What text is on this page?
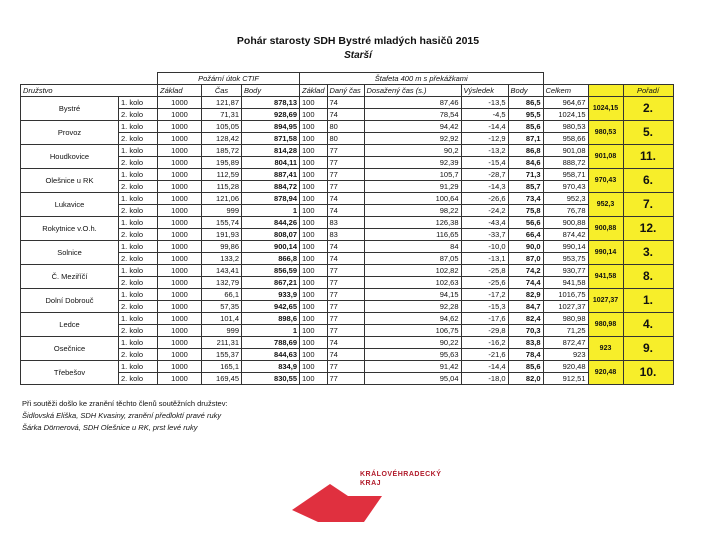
Pohár starosty SDH Bystré mladých hasičů 2015
Starší
		Požární útok CTIF			Štafeta 400 m s překážkami							
Družstvo		Základ	Čas	Body	Základ	Daný čas	Dosažený čas (s.)	Výsledek	Body	Celkem		Pořadí
Bystré	1. kolo	1000	121,87	878,13	100	74	87,46	-13,5	86,5	964,67	1024,15	2.
	2. kolo	1000	71,31	928,69	100	74	78,54	-4,5	95,5	1024,15		
Provoz	1. kolo	1000	105,05	894,95	100	80	94,42	-14,4	85,6	980,53	980,53	5.
	2. kolo	1000	128,42	871,58	100	80	92,92	-12,9	87,1	958,66		
Houdkovice	1. kolo	1000	185,72	814,28	100	77	90,2	-13,2	86,8	901,08	901,08	11.
	2. kolo	1000	195,89	804,11	100	77	92,39	-15,4	84,6	888,72		
Olešnice u RK	1. kolo	1000	112,59	887,41	100	77	105,7	-28,7	71,3	958,71	970,43	6.
	2. kolo	1000	115,28	884,72	100	77	91,29	-14,3	85,7	970,43		
Lukavice	1. kolo	1000	121,06	878,94	100	74	100,64	-26,6	73,4	952,3	952,3	7.
	2. kolo	1000	999	1	100	74	98,22	-24,2	75,8	76,78		
Rokytnice v.O.h.	1. kolo	1000	155,74	844,26	100	83	126,38	-43,4	56,6	900,88	900,88	12.
	2. kolo	1000	191,93	808,07	100	83	116,65	-33,7	66,4	874,42		
Solnice	1. kolo	1000	99,86	900,14	100	74	84	-10,0	90,0	990,14	990,14	3.
	2. kolo	1000	133,2	866,8	100	74	87,05	-13,1	87,0	953,75		
Č. Meziříčí	1. kolo	1000	143,41	856,59	100	77	102,82	-25,8	74,2	930,77	941,58	8.
	2. kolo	1000	132,79	867,21	100	77	102,63	-25,6	74,4	941,58		
Dolní Dobrouč	1. kolo	1000	66,1	933,9	100	77	94,15	-17,2	82,9	1016,75	1027,37	1.
	2. kolo	1000	57,35	942,65	100	77	92,28	-15,3	84,7	1027,37		
Ledce	1. kolo	1000	101,4	898,6	100	77	94,62	-17,6	82,4	980,98	980,98	4.
	2. kolo	1000	999	1	100	77	106,75	-29,8	70,3	71,25		
Osečnice	1. kolo	1000	211,31	788,69	100	74	90,22	-16,2	83,8	872,47	923	9.
	2. kolo	1000	155,37	844,63	100	74	95,63	-21,6	78,4	923		
Třebešov	1. kolo	1000	165,1	834,9	100	77	91,42	-14,4	85,6	920,48	920,48	10.
	2. kolo	1000	169,45	830,55	100	77	95,04	-18,0	82,0	912,51		
Při soutěži došlo ke zranění těchto členů soutěžních družstev:
Šidlovská Eliška, SDH Kvasiny, zranění předloktí pravé ruky
Šárka Dörnerová, SDH Olešnice u RK, prst levé ruky
KRÁLOVÉHRADECKÝ
KRAJ
